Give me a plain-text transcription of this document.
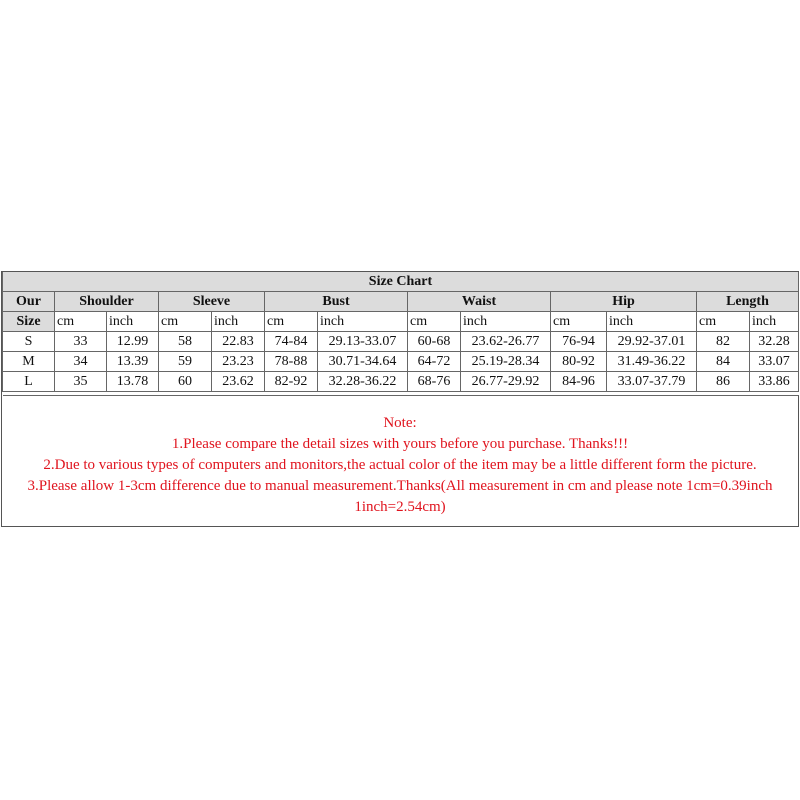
Size Chart												
Our	Shoulder		Sleeve		Bust		Waist		Hip		Length	
Size	cm	inch	cm	inch	cm	inch	cm	inch	cm	inch	cm	inch
S	33	12.99	58	22.83	74-84	29.13-33.07	60-68	23.62-26.77	76-94	29.92-37.01	82	32.28
M	34	13.39	59	23.23	78-88	30.71-34.64	64-72	25.19-28.34	80-92	31.49-36.22	84	33.07
L	35	13.78	60	23.62	82-92	32.28-36.22	68-76	26.77-29.92	84-96	33.07-37.79	86	33.86

Note:
1.Please compare the detail sizes with yours before you purchase. Thanks!!!
2.Due to various types of computers and monitors,the actual color of the item may be a little different form the picture.
3.Please allow 1-3cm difference due to manual measurement.Thanks(All measurement in cm and please note 1cm=0.39inch
1inch=2.54cm)
